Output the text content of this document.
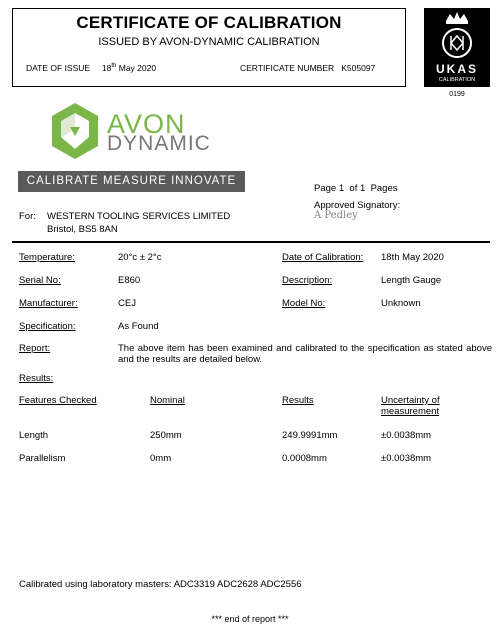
CERTIFICATE OF CALIBRATION
ISSUED BY AVON-DYNAMIC CALIBRATION
DATE OF ISSUE 18th May 2020	CERTIFICATE NUMBER K505097	UKAS
CALIBRATION
0199
AVON
DYNAMIC
CALIBRATE MEASURE INNOVATE
Page 1 of 1 Pages
Approved Signatory:
A Pedley
For: WESTERN TOOLING SERVICES LIMITED
Bristol, BS5 8AN
Temperature:	20°c ± 2°c	Date of Calibration: 18th May 2020
Serial No:	E860	Description:	Length Gauge
Manufacturer:	CEJ	Model No:	Unknown
Specification:	As Found
Report:	The above item has been examined and calibrated to the specification as stated above and the results are detailed below.
Results:
Features Checked	Nominal	Results	Uncertainty of measurement
Length	250mm	249.9991mm	±0.0038mm
Parallelism	0mm	0.0008mm	±0.0038mm
Calibrated using laboratory masters: ADC3319 ADC2628 ADC2556
*** end of report ***
